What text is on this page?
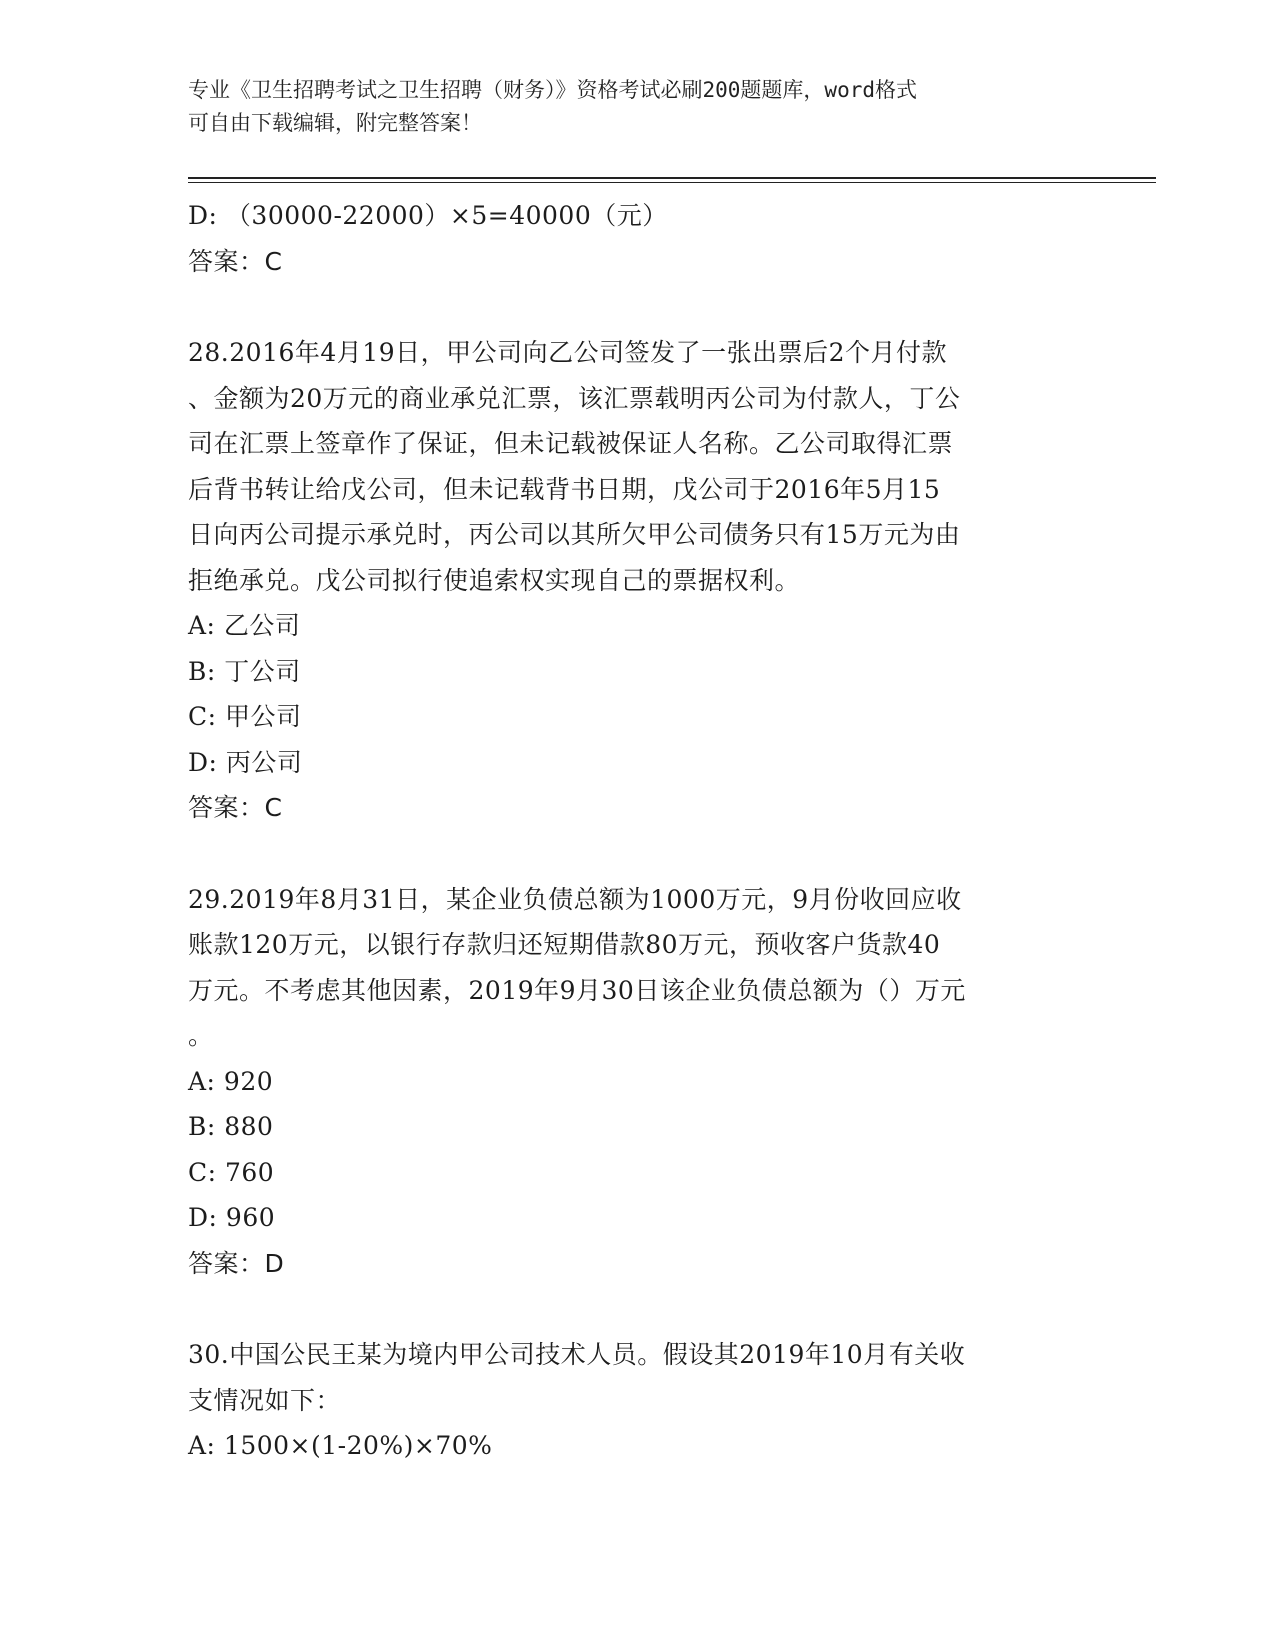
专业《卫生招聘考试之卫生招聘（财务）》资格考试必刷200题题库，word格式
可自由下载编辑，附完整答案！
D: （30000-22000）×5=40000（元）
答案：C
28.2016年4月19日，甲公司向乙公司签发了一张出票后2个月付款
、金额为20万元的商业承兑汇票，该汇票载明丙公司为付款人，丁公
司在汇票上签章作了保证，但未记载被保证人名称。乙公司取得汇票
后背书转让给戊公司，但未记载背书日期，戊公司于2016年5月15
日向丙公司提示承兑时，丙公司以其所欠甲公司债务只有15万元为由
拒绝承兑。戊公司拟行使追索权实现自己的票据权利。
A: 乙公司
B: 丁公司
C: 甲公司
D: 丙公司
答案：C
29.2019年8月31日，某企业负债总额为1000万元，9月份收回应收
账款120万元，以银行存款归还短期借款80万元，预收客户货款40
万元。不考虑其他因素，2019年9月30日该企业负债总额为（）万元
。
A: 920
B: 880
C: 760
D: 960
答案：D
30.中国公民王某为境内甲公司技术人员。假设其2019年10月有关收
支情况如下：
A: 1500×(1-20%)×70%
